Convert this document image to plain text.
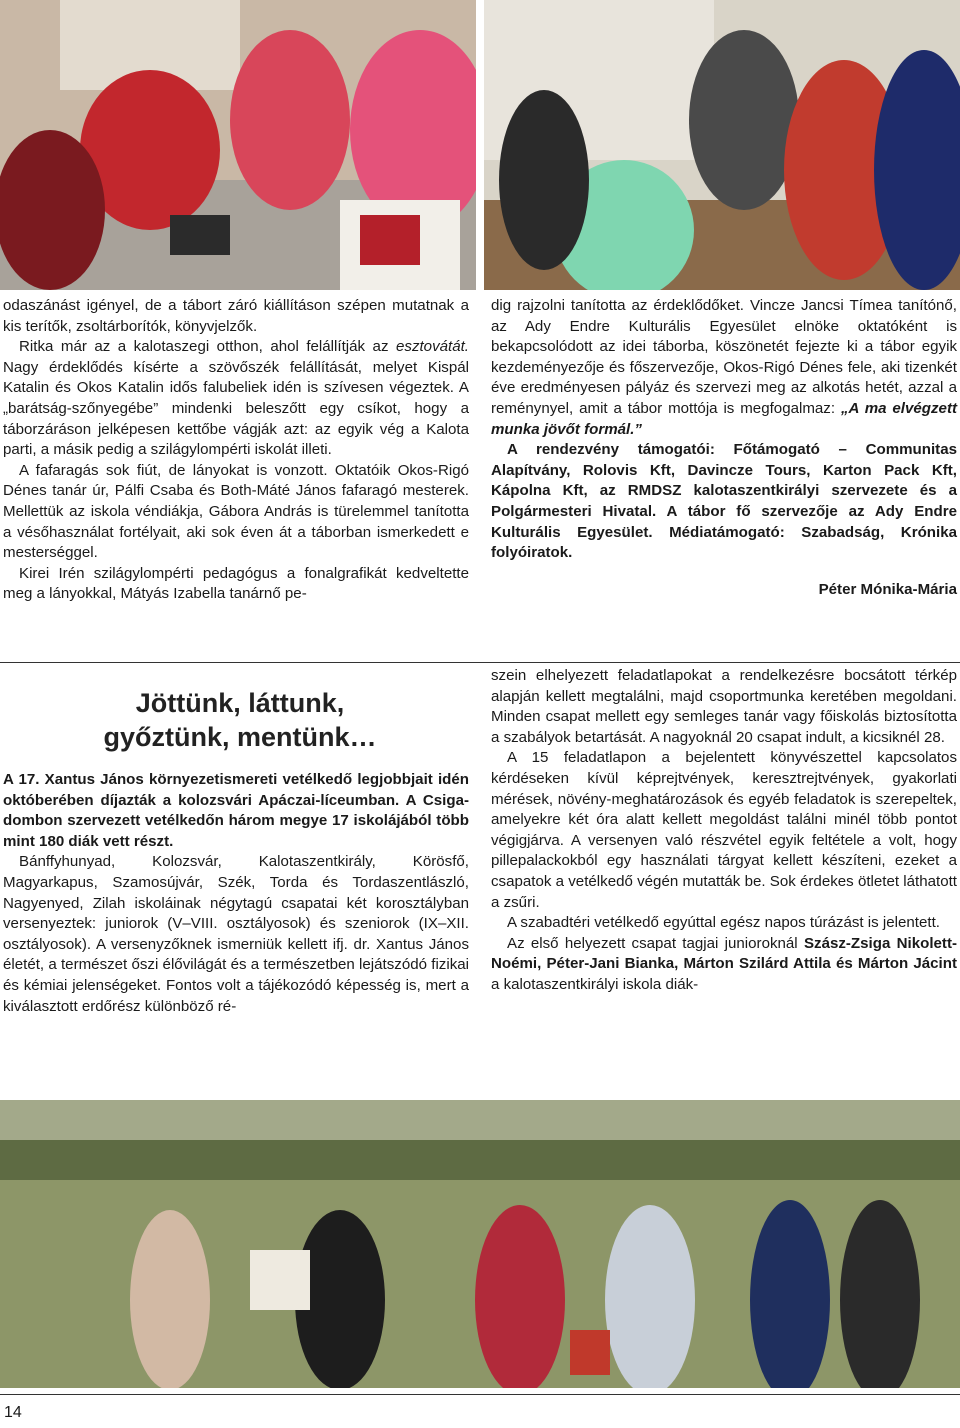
odaszánást igényel, de a tábort záró kiállításon szépen mutatnak a kis terítők, zsoltárborítók, könyvjelzők.

Ritka már az a kalotaszegi otthon, ahol felállítják az esztovátát. Nagy érdeklődés kísérte a szövőszék felállítását, melyet Kispál Katalin és Okos Katalin idős falubeliek idén is szívesen végeztek. A „barátság-szőnyegébe” mindenki beleszőtt egy csíkot, hogy a táborzáráson jelképesen kettőbe vágják azt: az egyik vég a Kalota parti, a másik pedig a szilágylompérti iskolát illeti.

A fafaragás sok fiút, de lányokat is vonzott. Oktatóik Okos-Rigó Dénes tanár úr, Pálfi Csaba és Both-Máté János fafaragó mesterek. Mellettük az iskola véndiákja, Gábora András is türelemmel tanította a vésőhasználat fortélyait, aki sok éven át a táborban ismerkedett e mesterséggel.

Kirei Irén szilágylompérti pedagógus a fonalgrafikát kedveltette meg a lányokkal, Mátyás Izabella tanárnő pe-

dig rajzolni tanította az érdeklődőket. Vincze Jancsi Tímea tanítónő, az Ady Endre Kulturális Egyesület elnöke oktatóként is bekapcsolódott az idei táborba, köszönetét fejezte ki a tábor egyik kezdeményezője és főszervezője, Okos-Rigó Dénes fele, aki tizenkét éve eredményesen pályáz és szervezi meg az alkotás hetét, azzal a reménynyel, amit a tábor mottója is megfogalmaz: „A ma elvégzett munka jövőt formál.”

A rendezvény támogatói: Főtámogató – Communitas Alapítvány, Rolovis Kft, Davincze Tours, Karton Pack Kft, Kápolna Kft, az RMDSZ kalotaszentkirályi szervezete és a Polgármesteri Hivatal. A tábor fő szervezője az Ady Endre Kulturális Egyesület. Médiatámogató: Szabadság, Krónika folyóiratok.

Péter Mónika-Mária

Jöttünk, láttunk,
győztünk, mentünk…

A 17. Xantus János környezetismereti vetélkedő legjobbjait idén októberében díjazták a kolozsvári Apáczai-líceumban. A Csiga-dombon szervezett vetélkedőn három megye 17 iskolájából több mint 180 diák vett részt.

Bánffyhunyad, Kolozsvár, Kalotaszentkirály, Körösfő, Magyarkapus, Szamosújvár, Szék, Torda és Tordaszentlászló, Nagyenyed, Zilah iskoláinak négytagú csapatai két korosztályban versenyeztek: juniorok (V–VIII. osztályosok) és szeniorok (IX–XII. osztályosok). A versenyzőknek ismerniük kellett ifj. dr. Xantus János életét, a természet őszi élővilágát és a természetben lejátszódó fizikai és kémiai jelenségeket. Fontos volt a tájékozódó képesség is, mert a kiválasztott erdőrész különböző ré-

szein elhelyezett feladatlapokat a rendelkezésre bocsátott térkép alapján kellett megtalálni, majd csoportmunka keretében megoldani. Minden csapat mellett egy semleges tanár vagy főiskolás biztosította a szabályok betartását. A nagyoknál 20 csapat indult, a kicsiknél 28.

A 15 feladatlapon a bejelentett könyvészettel kapcsolatos kérdéseken kívül képrejtvények, keresztrejtvények, gyakorlati mérések, növény-meghatározások és egyéb feladatok is szerepeltek, amelyekre két óra alatt kellett megoldást találni minél több pontot végigjárva. A versenyen való részvétel egyik feltétele a volt, hogy pillepalackokból egy használati tárgyat kellett készíteni, ezeket a csapatok a vetélkedő végén mutatták be. Sok érdekes ötletet láthatott a zsűri.

A szabadtéri vetélkedő egyúttal egész napos túrázást is jelentett.

Az első helyezett csapat tagjai junioroknál Szász-Zsiga Nikolett-Noémi, Péter-Jani Bianka, Márton Szilárd Attila és Márton Jácint a kalotaszentkirályi iskola diák-

14
